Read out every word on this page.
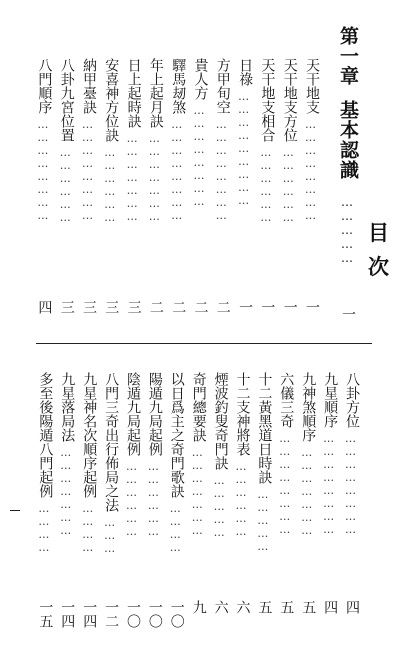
目
次
第一章基本認識
……………
一
天干地支
……………………
一
天干地支方位
………………
一
天干地支相合
………………
一
日祿
………………………
一
方甲旬空
……………………
二
貴人方
……………………
二
驛馬刼煞
……………………
二
年上起月訣
…………………
二
日上起時訣
…………………
三
安喜神方位訣
………………
三
納甲臺訣
……………………
三
八卦九宮位置
………………
三
八門順序
……………………
四
八卦方位
……………………
四
九星順序
……………………
四
九神煞順序
…………………
五
六儀三奇
……………………
五
十二黃黑道日時訣
……………
五
十二支神將表
………………
六
煙波釣叟奇門訣
……………
六
奇門總要訣
…………………
九
以日爲主之奇門歌訣
…………
一〇
陽遁九局起例
………………
一〇
陰遁九局起例
………………
一〇
八門三奇出行佈局之法
………
一二
九星神名次順序起例
…………
一四
九星落局法
…………………
一四
多至後陽遁八門起例
…………
一五
